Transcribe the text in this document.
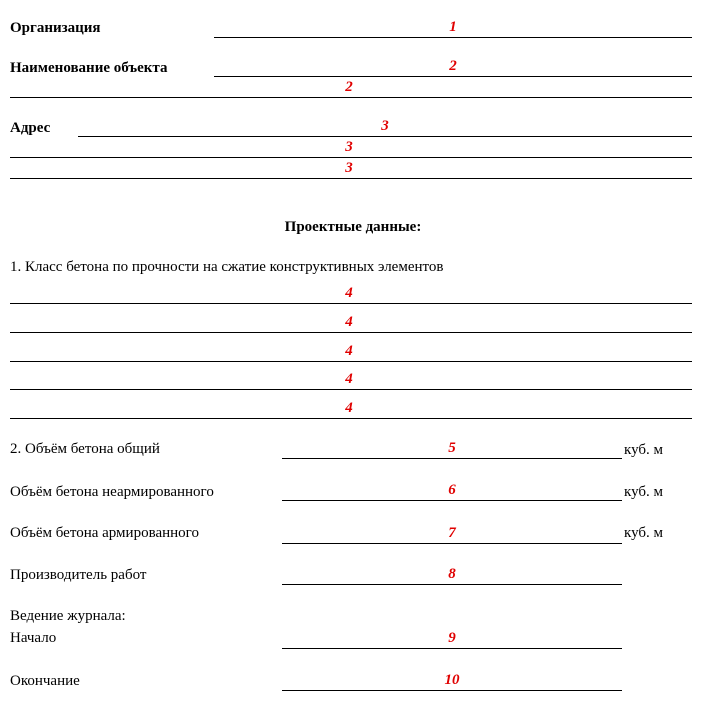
Организация	1
Наименование объекта	2
2
Адрес	3
3
3
Проектные данные:
1. Класс бетона по прочности на сжатие конструктивных элементов
4
4
4
4
4
2. Объём бетона общий	5	куб. м
Объём бетона неармированного	6	куб. м
Объём бетона армированного	7	куб. м
Производитель работ	8
Ведение журнала:
Начало	9
Окончание	10
